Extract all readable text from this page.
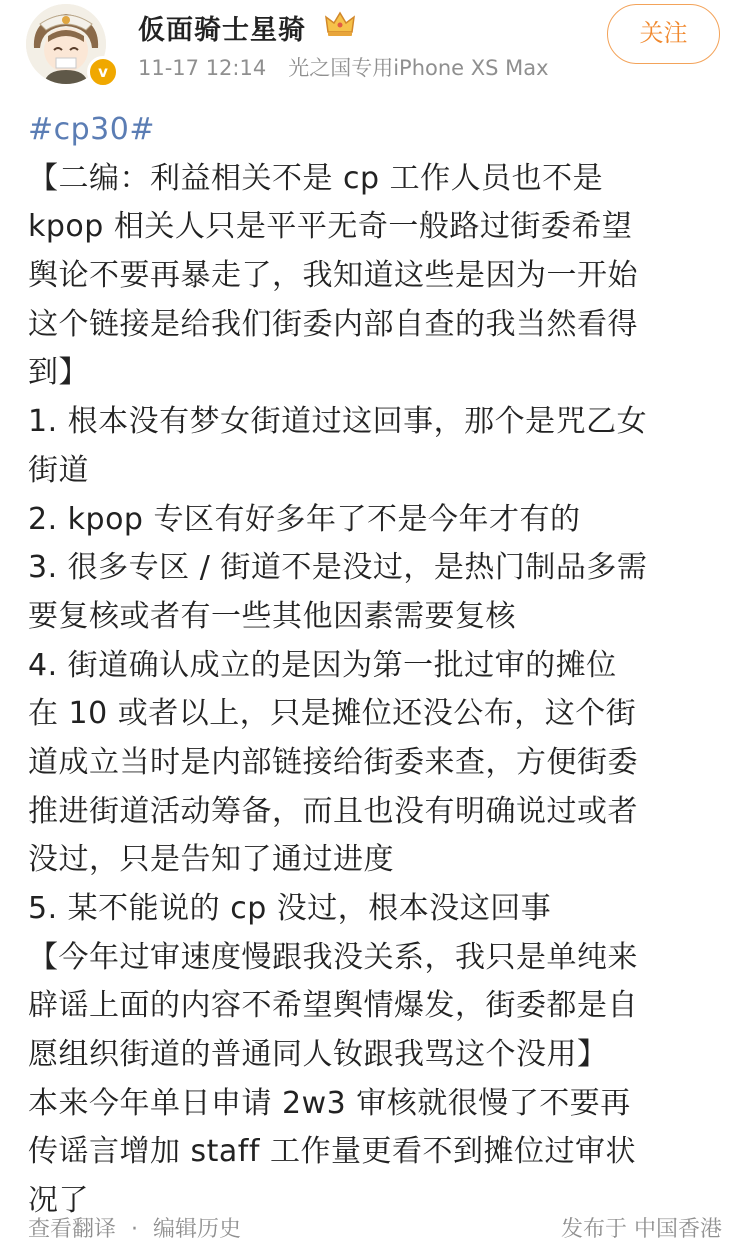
v
仮面骑士星骑
11-17 12:14 光之国专用iPhone XS Max
关注
#cp30#
【二编：利益相关不是 cp 工作人员也不是
kpop 相关人只是平平无奇一般路过街委希望
舆论不要再暴走了，我知道这些是因为一开始
这个链接是给我们街委内部自查的我当然看得
到】
1. 根本没有梦女街道过这回事，那个是咒乙女
街道
2. kpop 专区有好多年了不是今年才有的
3. 很多专区 / 街道不是没过，是热门制品多需
要复核或者有一些其他因素需要复核
4. 街道确认成立的是因为第一批过审的摊位
在 10 或者以上，只是摊位还没公布，这个街
道成立当时是内部链接给街委来查，方便街委
推进街道活动筹备，而且也没有明确说过或者
没过，只是告知了通过进度
5. 某不能说的 cp 没过，根本没这回事
【今年过审速度慢跟我没关系，我只是单纯来
辟谣上面的内容不希望舆情爆发，街委都是自
愿组织街道的普通同人钕跟我骂这个没用】
本来今年单日申请 2w3 审核就很慢了不要再
传谣言增加 staff 工作量更看不到摊位过审状
况了
查看翻译 · 编辑历史	发布于 中国香港
